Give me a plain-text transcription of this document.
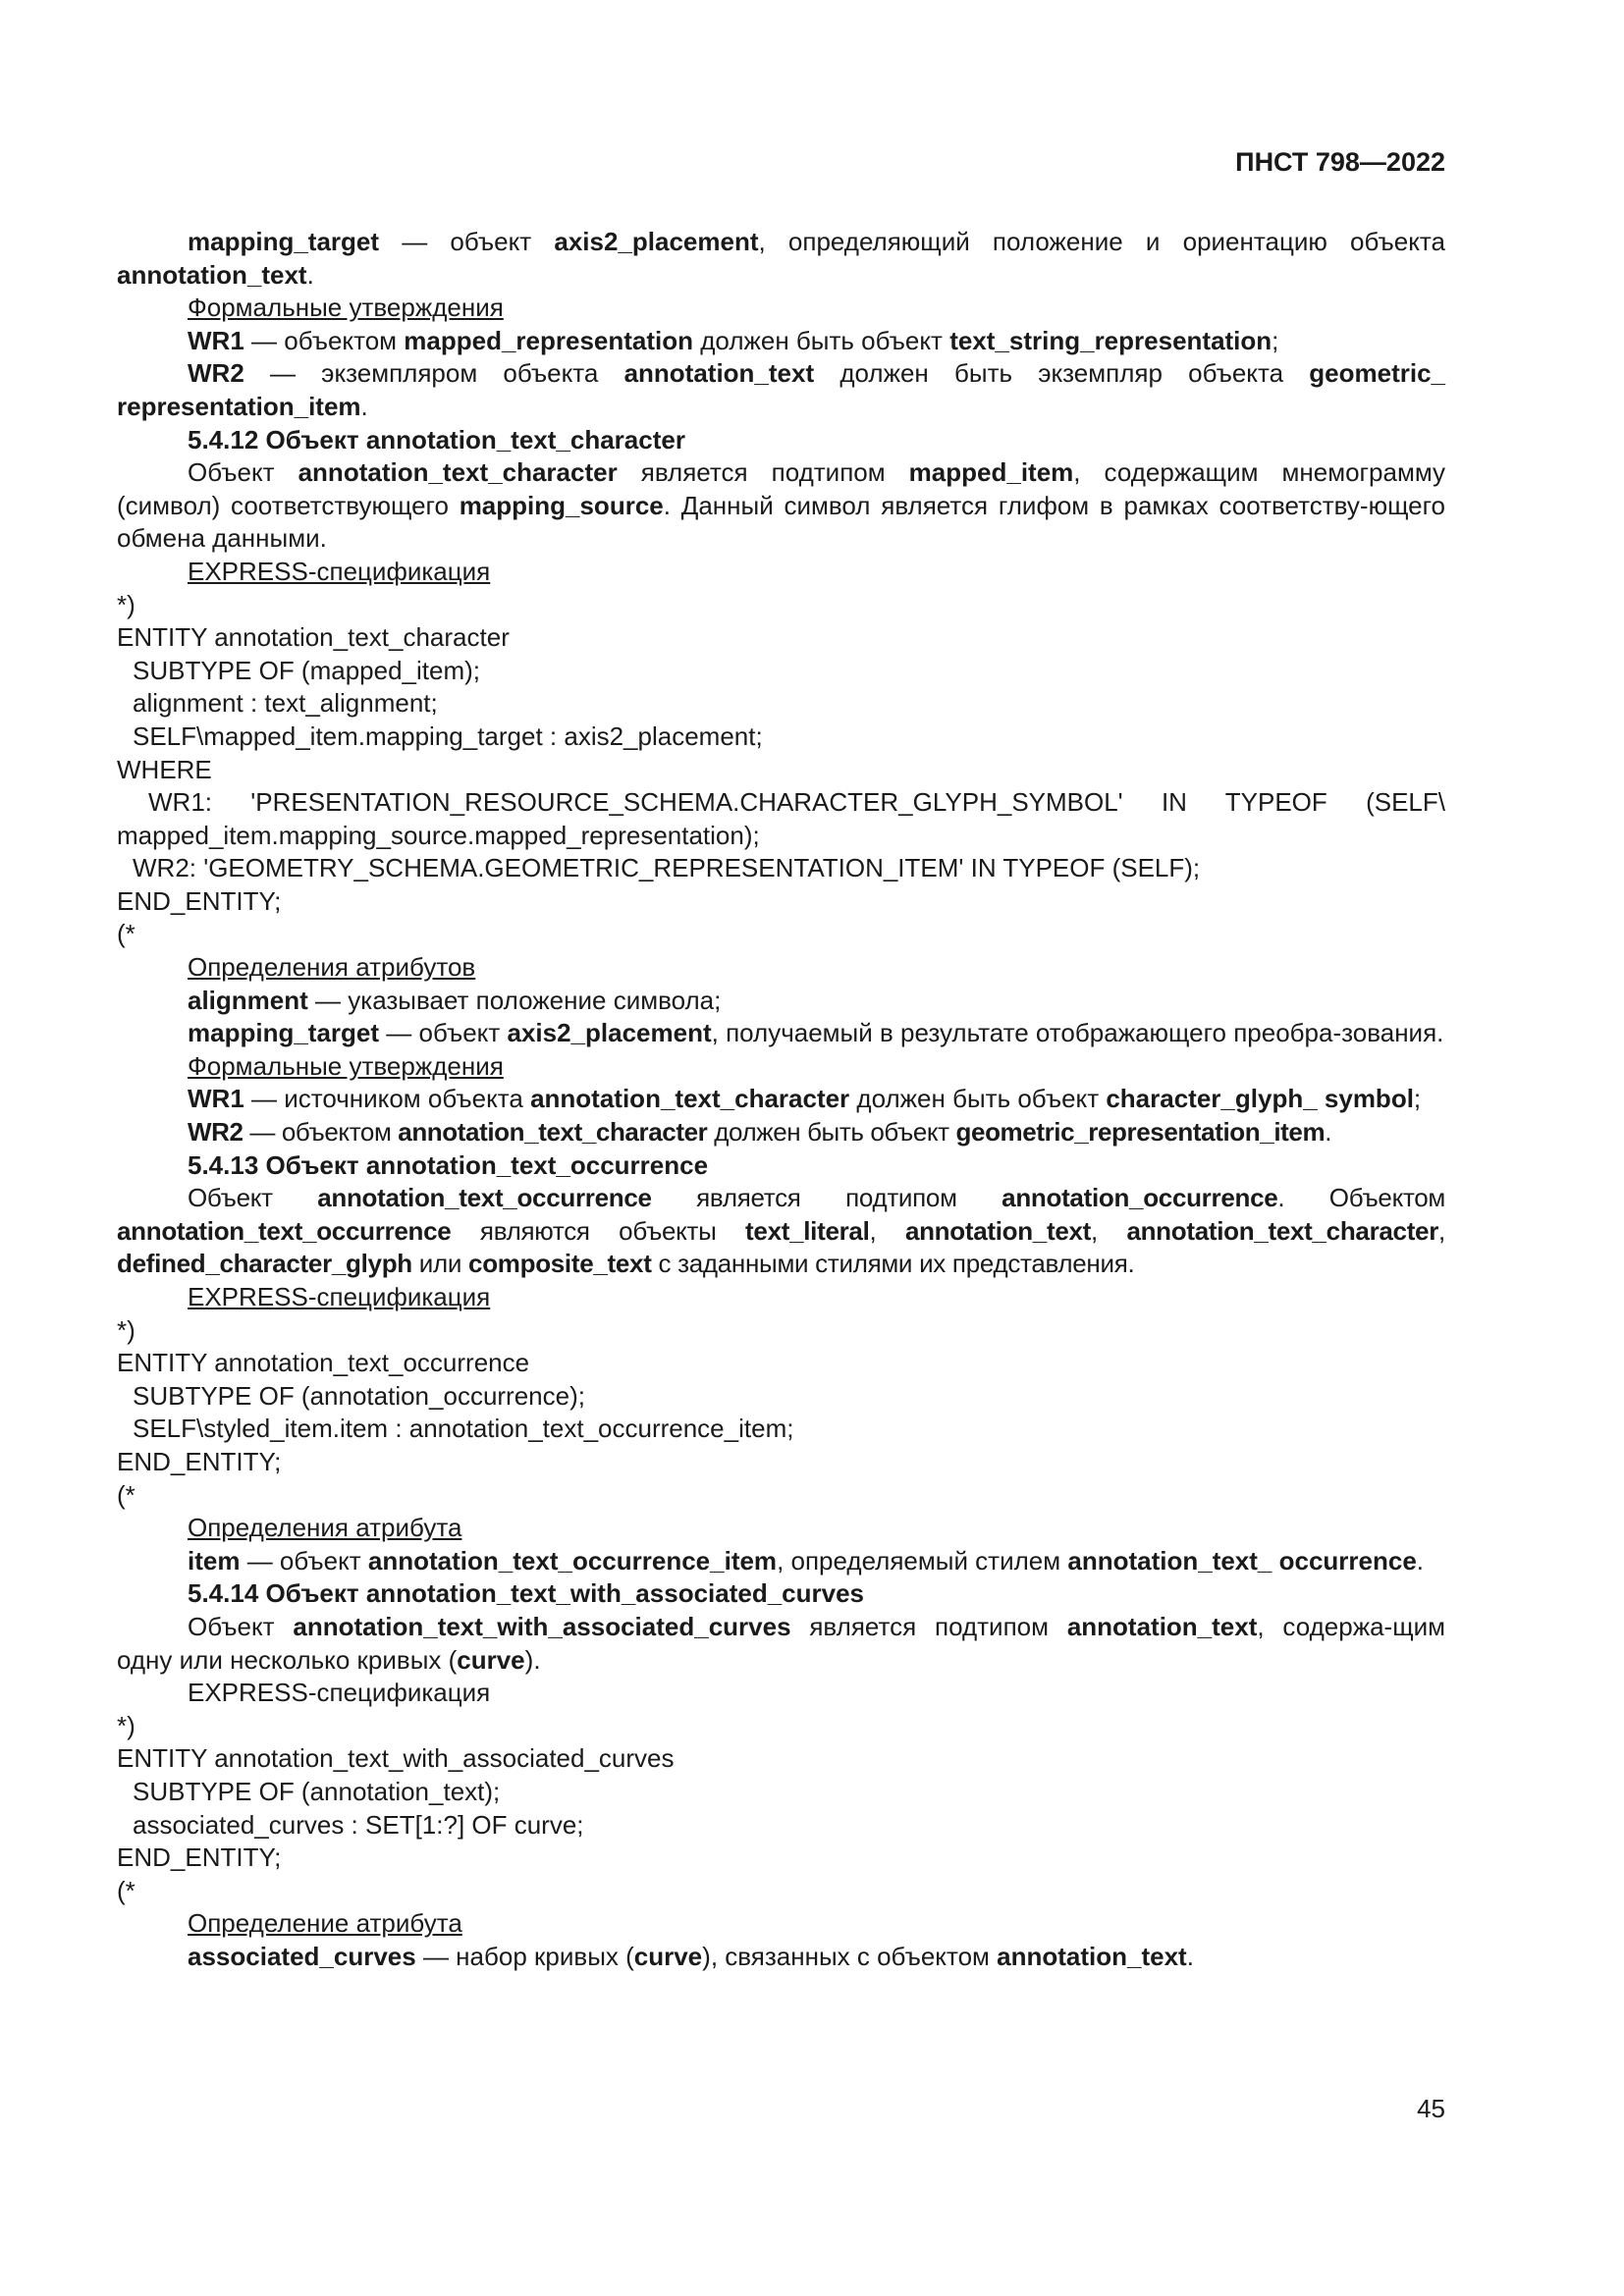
ПНСТ 798—2022

mapping_target — объект axis2_placement, определяющий положение и ориентацию объекта annotation_text.

Формальные утверждения

WR1 — объектом mapped_representation должен быть объект text_string_representation;

WR2 — экземпляром объекта annotation_text должен быть экземпляр объекта geometric_ representation_item.

5.4.12 Объект annotation_text_character

Объект annotation_text_character является подтипом mapped_item, содержащим мнемограмму (символ) соответствующего mapping_source. Данный символ является глифом в рамках соответству-ющего обмена данными.

EXPRESS-спецификация

*)

ENTITY annotation_text_character

SUBTYPE OF (mapped_item);

alignment : text_alignment;

SELF\mapped_item.mapping_target : axis2_placement;

WHERE

WR1: 'PRESENTATION_RESOURCE_SCHEMA.CHARACTER_GLYPH_SYMBOL' IN TYPEOF (SELF\ mapped_item.mapping_source.mapped_representation);

WR2: 'GEOMETRY_SCHEMA.GEOMETRIC_REPRESENTATION_ITEM' IN TYPEOF (SELF);

END_ENTITY;

(*

Определения атрибутов

alignment — указывает положение символа;

mapping_target — объект axis2_placement, получаемый в результате отображающего преобра-зования.

Формальные утверждения

WR1 — источником объекта annotation_text_character должен быть объект character_glyph_ symbol;

WR2 — объектом annotation_text_character должен быть объект geometric_representation_item.

5.4.13 Объект annotation_text_occurrence

Объект annotation_text_occurrence является подтипом annotation_occurrence. Объектом annotation_text_occurrence являются объекты text_literal, annotation_text, annotation_text_character, defined_character_glyph или composite_text с заданными стилями их представления.

EXPRESS-спецификация

*)

ENTITY annotation_text_occurrence

SUBTYPE OF (annotation_occurrence);

SELF\styled_item.item : annotation_text_occurrence_item;

END_ENTITY;

(*

Определения атрибута

item — объект annotation_text_occurrence_item, определяемый стилем annotation_text_ occurrence.

5.4.14 Объект annotation_text_with_associated_curves

Объект annotation_text_with_associated_curves является подтипом annotation_text, содержа-щим одну или несколько кривых (curve).

EXPRESS-спецификация

*)

ENTITY annotation_text_with_associated_curves

SUBTYPE OF (annotation_text);

associated_curves : SET[1:?] OF curve;

END_ENTITY;

(*

Определение атрибута

associated_curves — набор кривых (curve), связанных с объектом annotation_text.

45
